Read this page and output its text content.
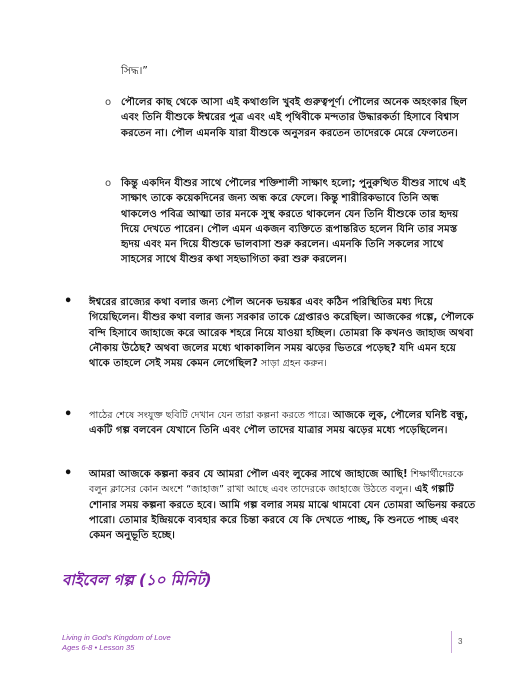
সিদ্ধ।”
o পৌলের কাছ থেকে আসা এই কথাগুলি খুবই গুরুত্বপূর্ণ। পৌলের অনেক অহংকার ছিল এবং তিনি যীশুকে ঈশ্বরের পুত্র এবং এই পৃথিবীকে মন্দতার উদ্ধারকর্তা হিসাবে বিশ্বাস করতেন না। পৌল এমনকি যারা যীশুকে অনুসরন করতেন তাদেরকে মেরে ফেলতেন।
o কিন্তু একদিন যীশুর সাথে পৌলের শক্তিশালী সাক্ষাৎ হলো; পুনুরুত্থিত যীশুর সাথে এই সাক্ষাৎ তাকে কয়েকদিনের জন্য অন্ধ করে ফেলে। কিন্তু শারীরিকভাবে তিনি অন্ধ থাকলেও পবিত্র আত্মা তার মনকে সুস্থ করতে থাকলেন যেন তিনি যীশুকে তার হৃদয় দিয়ে দেখতে পারেন। পৌল এমন একজন ব্যক্তিতে রূপান্তরিত হলেন যিনি তার সমস্ত হৃদয় এবং মন দিয়ে যীশুকে ভালবাসা শুরু করলেন। এমনকি তিনি সকলের সাথে সাহসের সাথে যীশুর কথা সহভাগিতা করা শুরু করলেন।
• ঈশ্বরের রাজ্যের কথা বলার জন্য পৌল অনেক ভয়ঙ্কর এবং কঠিন পরিস্থিতির মধ্য দিয়ে গিয়েছিলেন। যীশুর কথা বলার জন্য সরকার তাকে গ্রেপ্তারও করেছিল। আজকের গল্পে, পৌলকে বন্দি হিসাবে জাহাজে করে আরেক শহরে নিয়ে যাওয়া হচ্ছিল। তোমরা কি কখনও জাহাজ অথবা নৌকায় উঠেছ? অথবা জলের মধ্যে থাকাকালিন সময় ঝড়ের ভিতরে পড়েছ? যদি এমন হয়ে থাকে তাহলে সেই সময় কেমন লেগেছিল? সাড়া গ্রহন করুন।
• পাঠের শেষে সংযুক্ত ছবিটি দেখান যেন তারা কল্পনা করতে পারে। আজকে লুক, পৌলের ঘনিষ্ট বন্ধু, একটি গল্প বলবেন যেখানে তিনি এবং পৌল তাদের যাত্রার সময় ঝড়ের মধ্যে পড়েছিলেন।
• আমরা আজকে কল্পনা করব যে আমরা পৌল এবং লুকের সাথে জাহাজে আছি! শিক্ষার্থীদেরকে বলুন ক্লাসের কোন অংশে “জাহাজ” রাখা আছে এবং তাদেরকে জাহাজে উঠতে বলুন। এই গল্পটি শোনার সময় কল্পনা করতে হবে। আমি গল্প বলার সময় মাঝে থামবো যেন তোমরা অভিনয় করতে পারো। তোমার ইন্দ্রিয়কে ব্যবহার করে চিন্তা করবে যে কি দেখতে পাচ্ছ, কি শুনতে পাচ্ছ এবং কেমন অনুভূতি হচ্ছে।
বাইবেল গল্প (১০ মিনিট)
Living in God's Kingdom of Love
Ages 6-8 • Lesson 35
3
